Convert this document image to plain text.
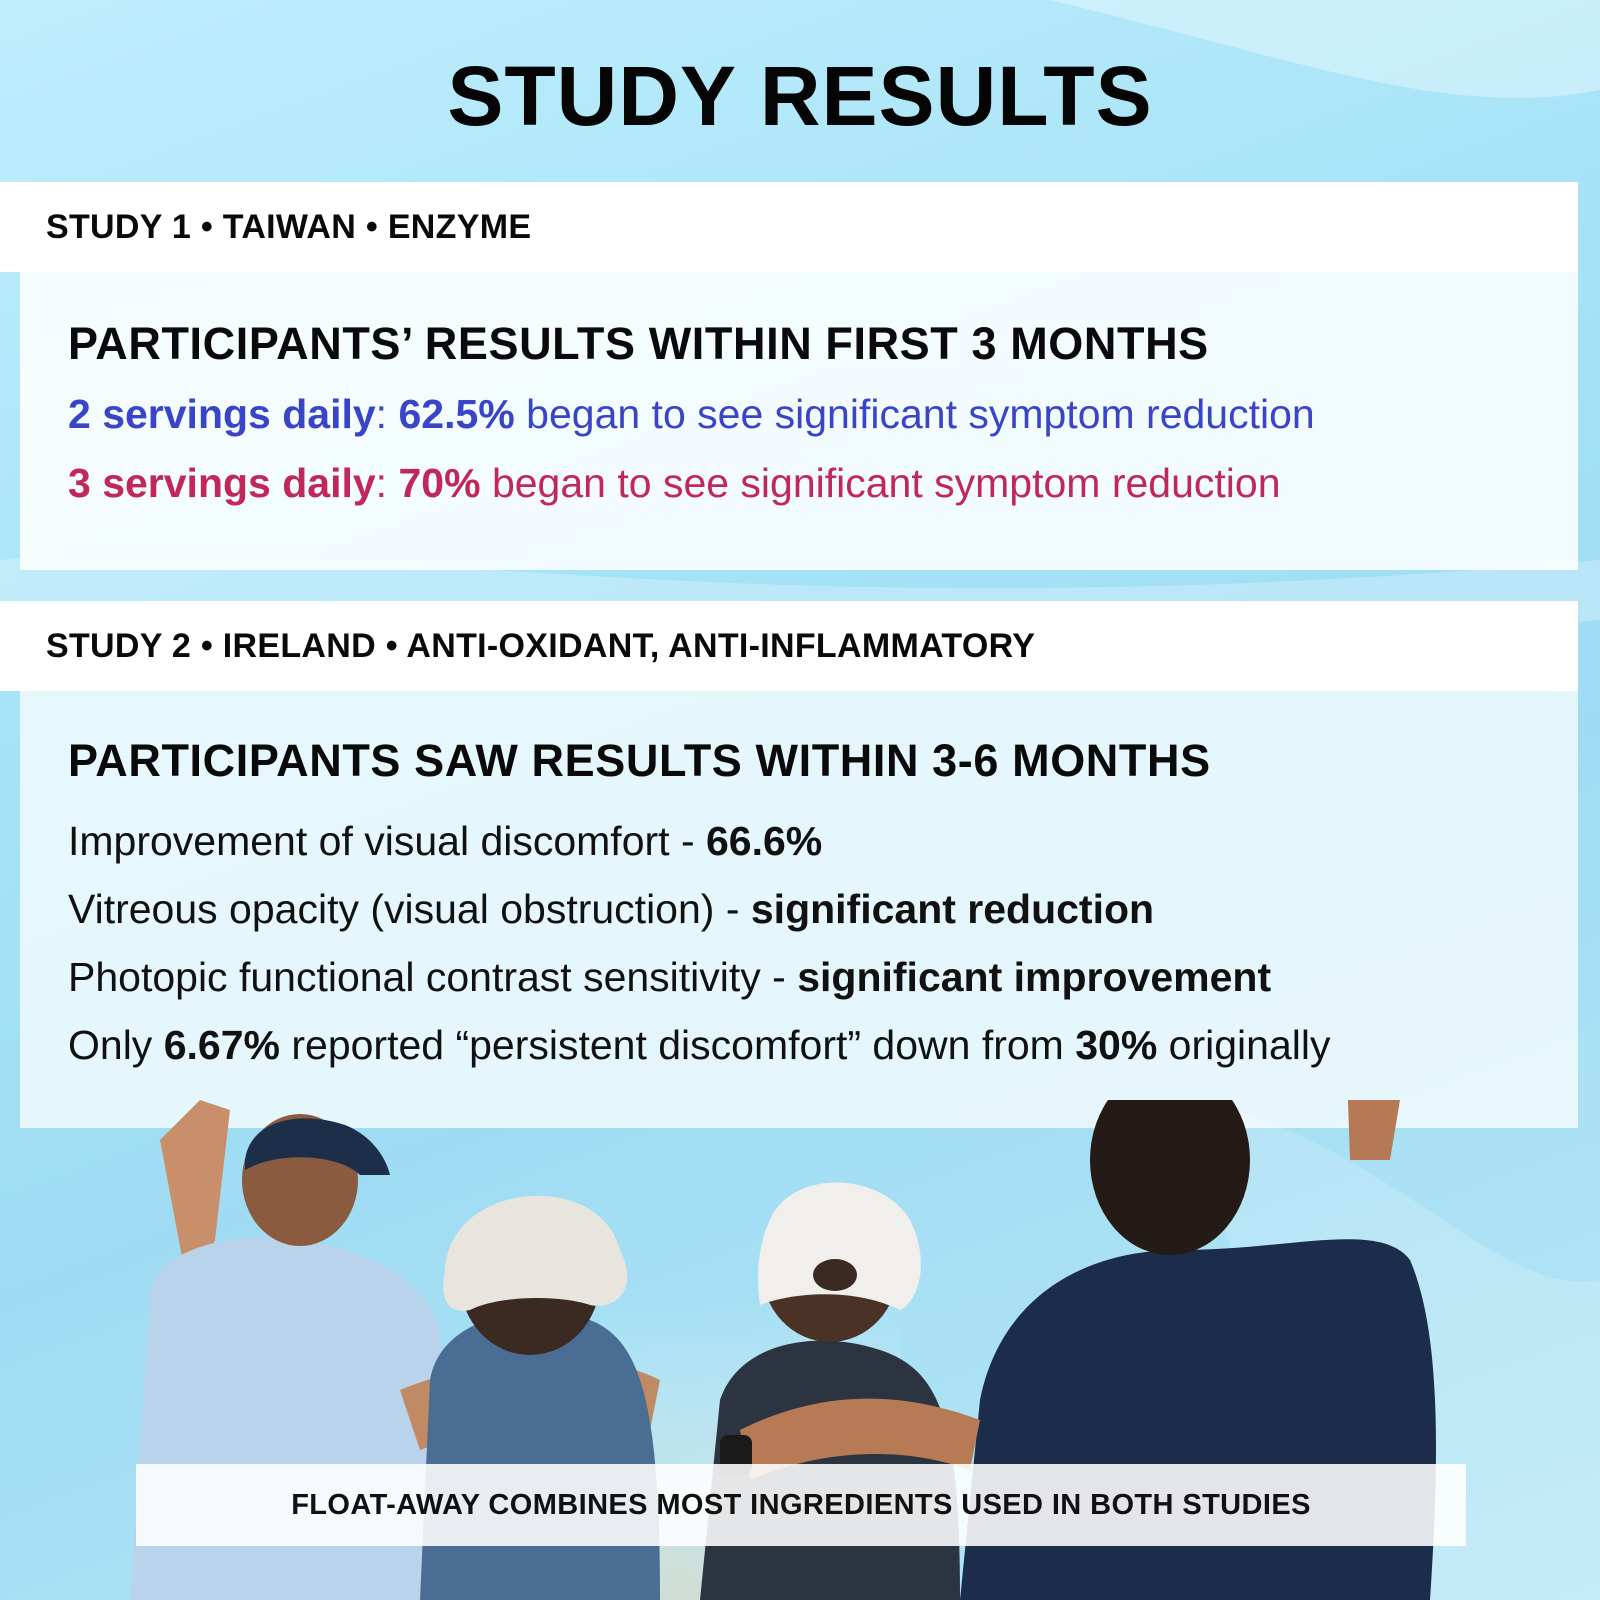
STUDY RESULTS
STUDY 1 • TAIWAN • ENZYME
PARTICIPANTS’ RESULTS WITHIN FIRST 3 MONTHS
2 servings daily: 62.5% began to see significant symptom reduction
3 servings daily: 70% began to see significant symptom reduction
STUDY 2 • IRELAND • ANTI-OXIDANT, ANTI-INFLAMMATORY
PARTICIPANTS SAW RESULTS WITHIN 3-6 MONTHS
Improvement of visual discomfort - 66.6%
Vitreous opacity (visual obstruction) - significant reduction
Photopic functional contrast sensitivity - significant improvement
Only 6.67% reported “persistent discomfort” down from 30% originally
FLOAT-AWAY COMBINES MOST INGREDIENTS USED IN BOTH STUDIES
